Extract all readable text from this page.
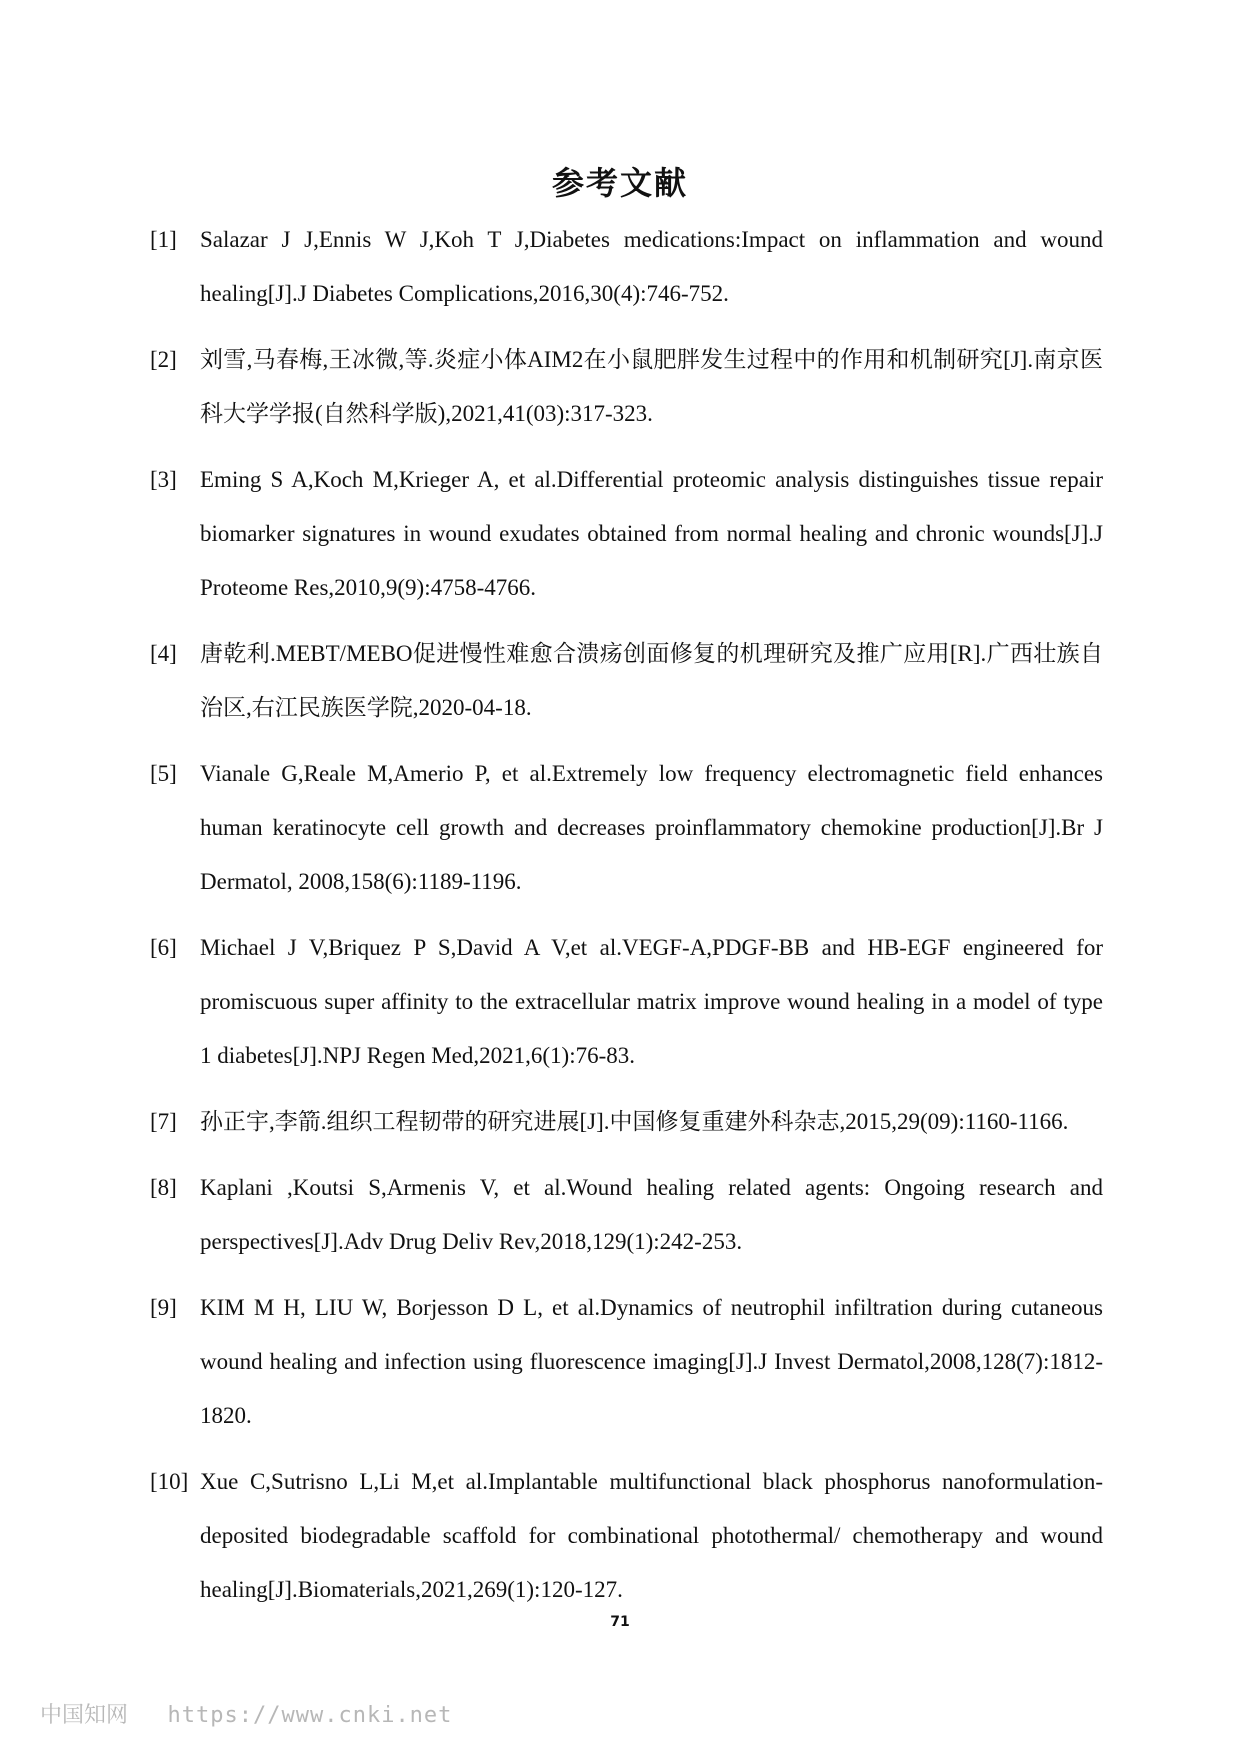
参考文献
[1]	Salazar J J,Ennis W J,Koh T J,Diabetes medications:Impact on inflammation and wound healing[J].J Diabetes Complications,2016,30(4):746-752.
[2]	刘雪,马春梅,王冰微,等.炎症小体AIM2在小鼠肥胖发生过程中的作用和机制研究[J].南京医科大学学报(自然科学版),2021,41(03):317-323.
[3]	Eming S A,Koch M,Krieger A, et al.Differential proteomic analysis distinguishes tissue repair biomarker signatures in wound exudates obtained from normal healing and chronic wounds[J].J Proteome Res,2010,9(9):4758-4766.
[4]	唐乾利.MEBT/MEBO促进慢性难愈合溃疡创面修复的机理研究及推广应用[R].广西壮族自治区,右江民族医学院,2020-04-18.
[5]	Vianale G,Reale M,Amerio P, et al.Extremely low frequency electromagnetic field enhances human keratinocyte cell growth and decreases proinflammatory chemokine production[J].Br J Dermatol, 2008,158(6):1189-1196.
[6]	Michael J V,Briquez P S,David A V,et al.VEGF-A,PDGF-BB and HB-EGF engineered for promiscuous super affinity to the extracellular matrix improve wound healing in a model of type 1 diabetes[J].NPJ Regen Med,2021,6(1):76-83.
[7]	孙正宇,李箭.组织工程韧带的研究进展[J].中国修复重建外科杂志,2015,29(09):1160-1166.
[8]	Kaplani ,Koutsi S,Armenis V, et al.Wound healing related agents: Ongoing research and perspectives[J].Adv Drug Deliv Rev,2018,129(1):242-253.
[9]	KIM M H, LIU W, Borjesson D L, et al.Dynamics of neutrophil infiltration during cutaneous wound healing and infection using fluorescence imaging[J].J Invest Dermatol,2008,128(7):1812-1820.
[10] Xue C,Sutrisno L,Li M,et al.Implantable multifunctional black phosphorus nanoformulation-deposited biodegradable scaffold for combinational photothermal/ chemotherapy and wound healing[J].Biomaterials,2021,269(1):120-127.
71
中国知网 https://www.cnki.net
